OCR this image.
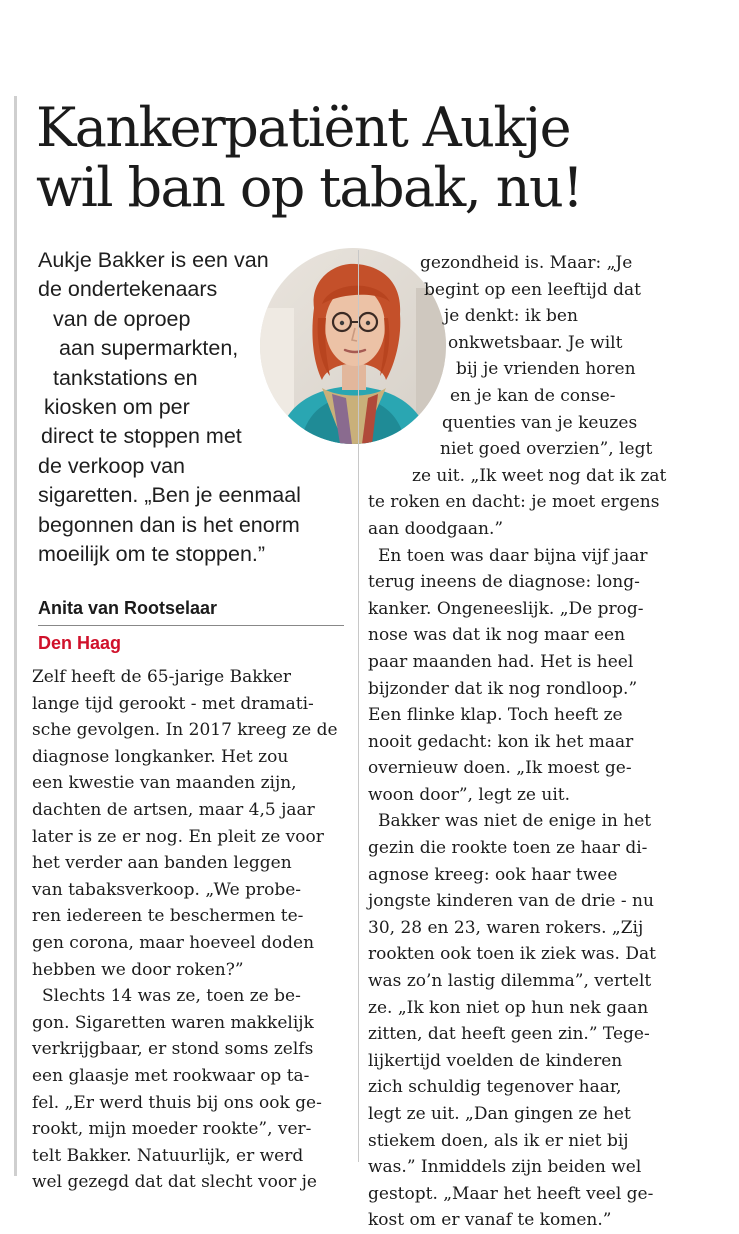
Kankerpatiënt Aukje
wil ban op tabak, nu!
Aukje Bakker is een van
de ondertekenaars
van de oproep
aan supermarkten,
tankstations en
kiosken om per
direct te stoppen met
de verkoop van
sigaretten. „Ben je eenmaal
begonnen dan is het enorm
moeilijk om te stoppen.”
Anita van Rootselaar
Den Haag
Zelf heeft de 65-jarige Bakker
lange tijd gerookt - met dramati-
sche gevolgen. In 2017 kreeg ze de
diagnose longkanker. Het zou
een kwestie van maanden zijn,
dachten de artsen, maar 4,5 jaar
later is ze er nog. En pleit ze voor
het verder aan banden leggen
van tabaksverkoop. „We probe-
ren iedereen te beschermen te-
gen corona, maar hoeveel doden
hebben we door roken?”
Slechts 14 was ze, toen ze be-
gon. Sigaretten waren makkelijk
verkrijgbaar, er stond soms zelfs
een glaasje met rookwaar op ta-
fel. „Er werd thuis bij ons ook ge-
rookt, mijn moeder rookte”, ver-
telt Bakker. Natuurlijk, er werd
wel gezegd dat dat slecht voor je
gezondheid is. Maar: „Je
begint op een leeftijd dat
je denkt: ik ben
onkwetsbaar. Je wilt
bij je vrienden horen
en je kan de conse-
quenties van je keuzes
niet goed overzien”, legt
ze uit. „Ik weet nog dat ik zat
te roken en dacht: je moet ergens
aan doodgaan.”
En toen was daar bijna vijf jaar
terug ineens de diagnose: long-
kanker. Ongeneeslijk. „De prog-
nose was dat ik nog maar een
paar maanden had. Het is heel
bijzonder dat ik nog rondloop.”
Een flinke klap. Toch heeft ze
nooit gedacht: kon ik het maar
overnieuw doen. „Ik moest ge-
woon door”, legt ze uit.
Bakker was niet de enige in het
gezin die rookte toen ze haar di-
agnose kreeg: ook haar twee
jongste kinderen van de drie - nu
30, 28 en 23, waren rokers. „Zij
rookten ook toen ik ziek was. Dat
was zo’n lastig dilemma”, vertelt
ze. „Ik kon niet op hun nek gaan
zitten, dat heeft geen zin.” Tege-
lijkertijd voelden de kinderen
zich schuldig tegenover haar,
legt ze uit. „Dan gingen ze het
stiekem doen, als ik er niet bij
was.” Inmiddels zijn beiden wel
gestopt. „Maar het heeft veel ge-
kost om er vanaf te komen.”
